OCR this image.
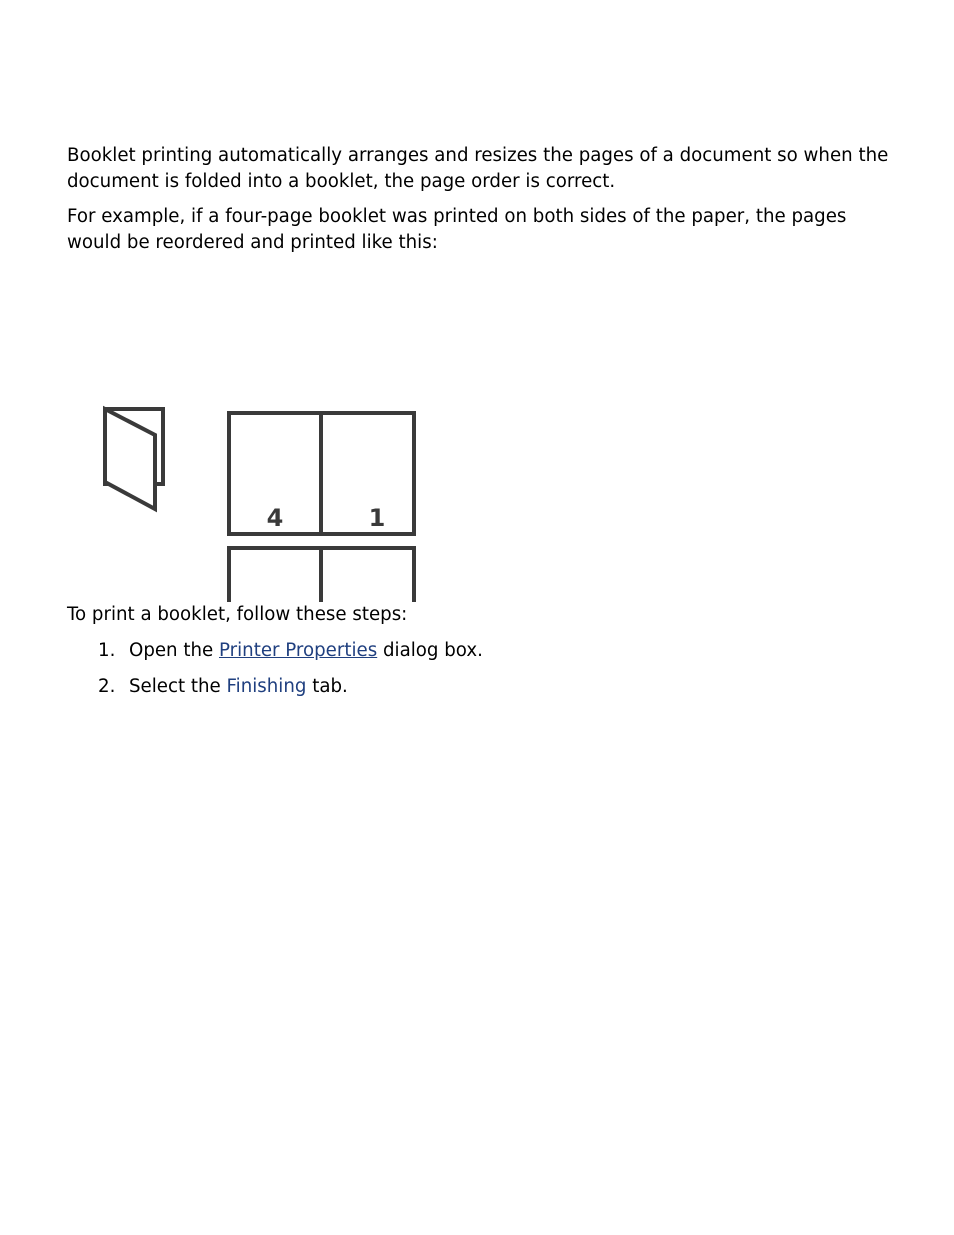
Booklet printing automatically arranges and resizes the pages of a document so when the document is folded into a booklet, the page order is correct.

For example, if a four-page booklet was printed on both sides of the paper, the pages would be reordered and printed like this:

4	1

To print a booklet, follow these steps:

1. Open the Printer Properties dialog box.
2. Select the Finishing tab.
